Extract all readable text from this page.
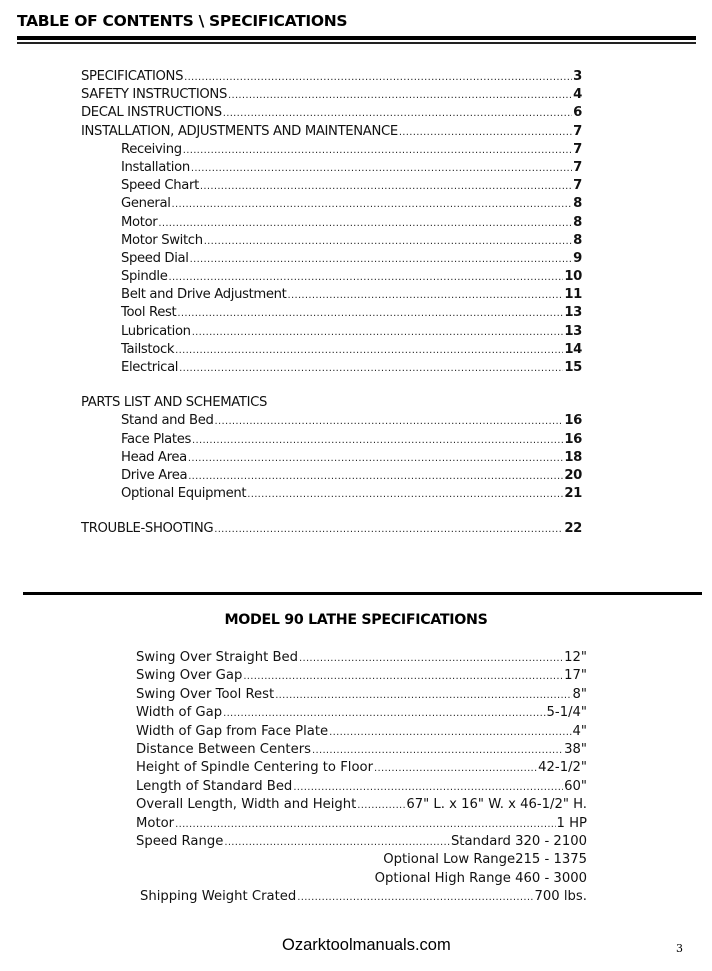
TABLE OF CONTENTS \ SPECIFICATIONS
SPECIFICATIONS .....	3
SAFETY INSTRUCTIONS .....	4
DECAL INSTRUCTIONS .....	6
INSTALLATION, ADJUSTMENTS AND MAINTENANCE .....	7
Receiving .....	7
Installation .....	7
Speed Chart .....	7
General .....	8
Motor .....	8
Motor Switch .....	8
Speed Dial .....	9
Spindle .....	10
Belt and Drive Adjustment .....	11
Tool Rest .....	13
Lubrication .....	13
Tailstock .....	14
Electrical .....	15
PARTS LIST AND SCHEMATICS
Stand and Bed .....	16
Face Plates .....	16
Head Area .....	18
Drive Area .....	20
Optional Equipment .....	21
TROUBLE-SHOOTING .....	22
MODEL 90 LATHE SPECIFICATIONS
Swing Over Straight Bed .....	12"
Swing Over Gap .....	17"
Swing Over Tool Rest .....	8"
Width of Gap .....	5-1/4"
Width of Gap from Face Plate .....	4"
Distance Between Centers .....	38"
Height of Spindle Centering to Floor .....	42-1/2"
Length of Standard Bed .....	60"
Overall Length, Width and Height .....	67" L. x 16" W. x 46-1/2" H.
Motor .....	1 HP
Speed Range .....	Standard 320 - 2100
Optional Low Range215 - 1375
Optional High Range 460 - 3000
Shipping Weight Crated .....	700 lbs.
Ozarktoolmanuals.com	3
